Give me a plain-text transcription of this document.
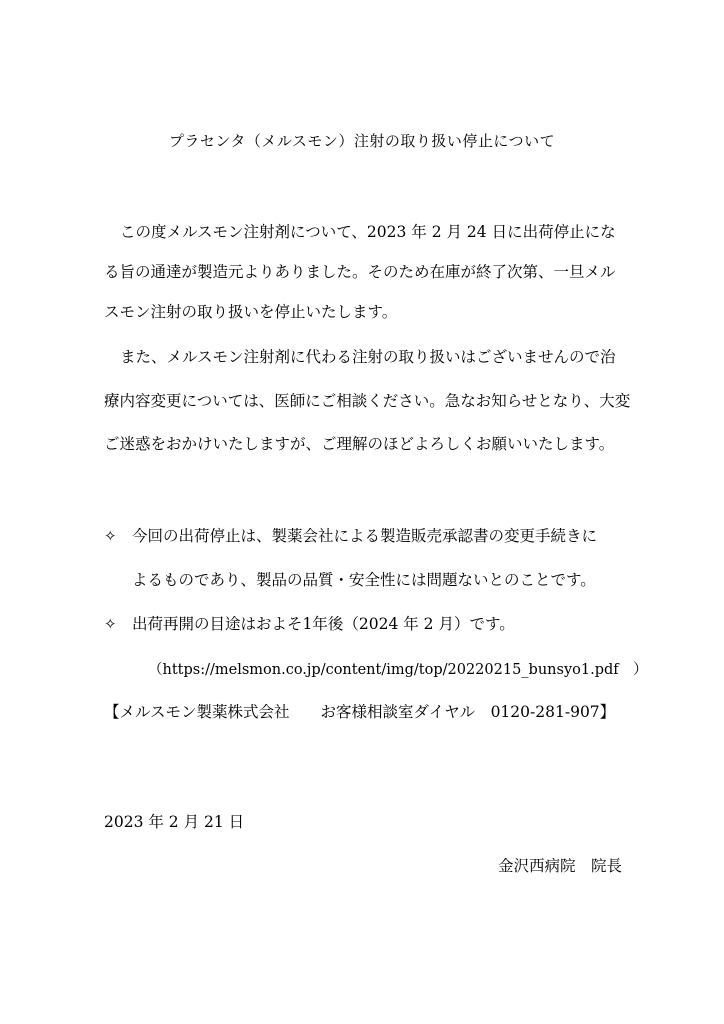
プラセンタ（メルスモン）注射の取り扱い停止について
この度メルスモン注射剤について、2023 年 2 月 24 日に出荷停止にな
る旨の通達が製造元よりありました。そのため在庫が終了次第、一旦メル
スモン注射の取り扱いを停止いたします。
また、メルスモン注射剤に代わる注射の取り扱いはございませんので治
療内容変更については、医師にご相談ください。急なお知らせとなり、大変
ご迷惑をおかけいたしますが、ご理解のほどよろしくお願いいたします。
✧ 今回の出荷停止は、製薬会社による製造販売承認書の変更手続きに
よるものであり、製品の品質・安全性には問題ないとのことです。
✧ 出荷再開の目途はおよそ1年後（2024 年 2 月）です。
（https://melsmon.co.jp/content/img/top/20220215_bunsyo1.pdf　）
【メルスモン製薬株式会社　　お客様相談室ダイヤル　0120-281-907】
2023 年 2 月 21 日
金沢西病院　院長
